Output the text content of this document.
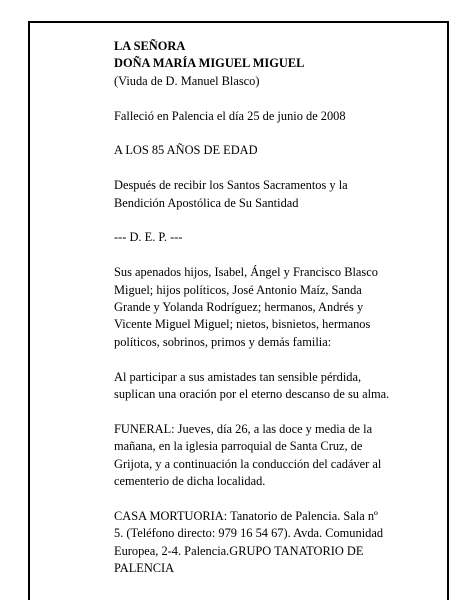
LA SEÑORA
DOÑA MARÍA MIGUEL MIGUEL
(Viuda de D. Manuel Blasco)
Falleció en Palencia el día 25 de junio de 2008
A LOS 85 AÑOS DE EDAD
Después de recibir los Santos Sacramentos y la
Bendición Apostólica de Su Santidad
--- D. E. P. ---
Sus apenados hijos, Isabel, Ángel y Francisco Blasco
Miguel; hijos políticos, José Antonio Maíz, Sanda
Grande y Yolanda Rodríguez; hermanos, Andrés y
Vicente Miguel Miguel; nietos, bisnietos, hermanos
políticos, sobrinos, primos y demás familia:
Al participar a sus amistades tan sensible pérdida,
suplican una oración por el eterno descanso de su alma.
FUNERAL: Jueves, día 26, a las doce y media de la
mañana, en la iglesia parroquial de Santa Cruz, de
Grijota, y a continuación la conducción del cadáver al
cementerio de dicha localidad.
CASA MORTUORIA: Tanatorio de Palencia. Sala nº
5. (Teléfono directo: 979 16 54 67). Avda. Comunidad
Europea, 2-4. Palencia.GRUPO TANATORIO DE
PALENCIA
